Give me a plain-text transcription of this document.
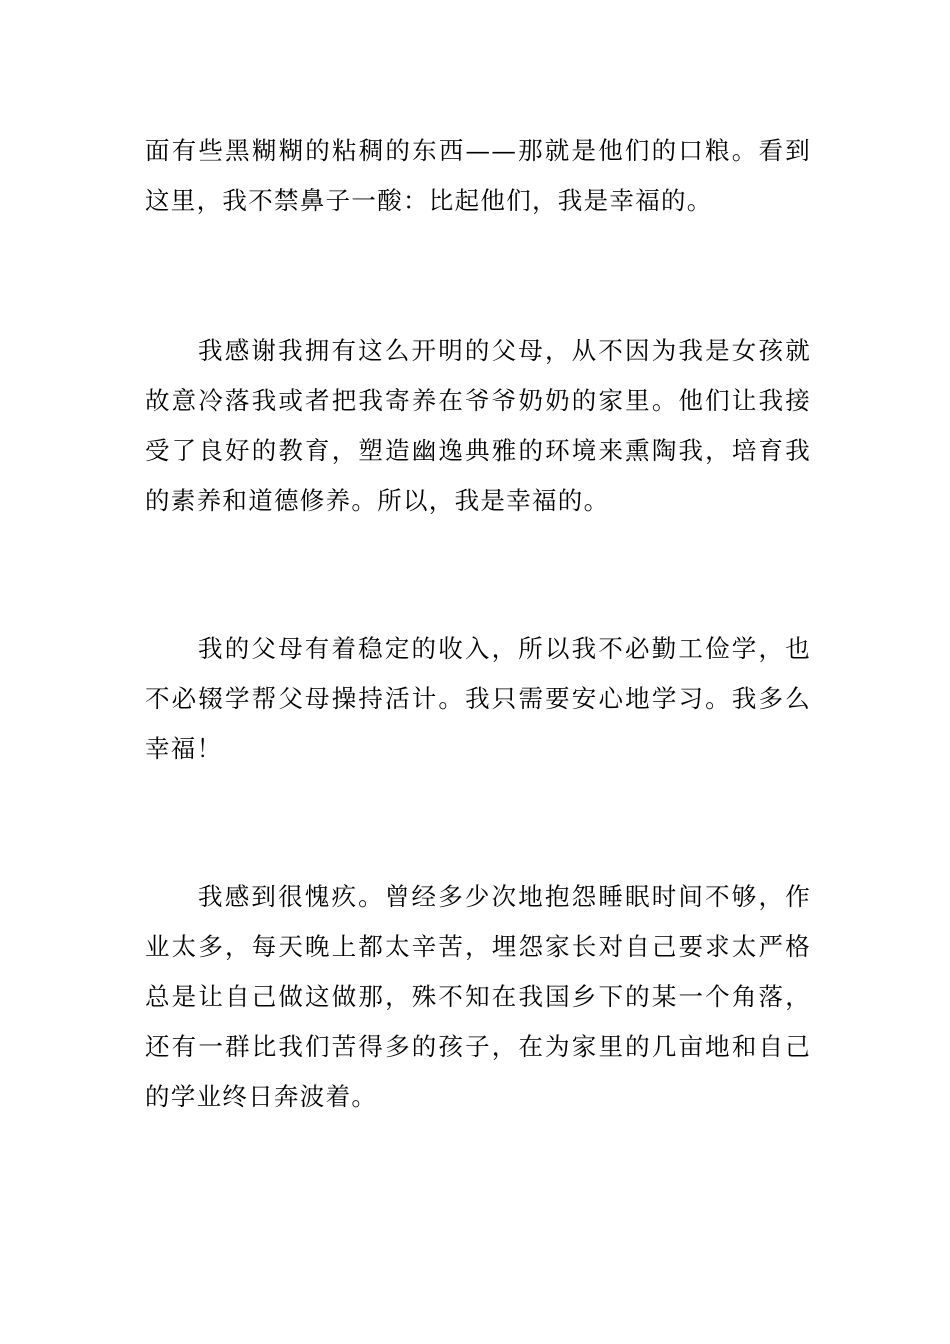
面有些黑糊糊的粘稠的东西——那就是他们的口粮。看到这里，我不禁鼻子一酸：比起他们，我是幸福的。

我感谢我拥有这么开明的父母，从不因为我是女孩就故意冷落我或者把我寄养在爷爷奶奶的家里。他们让我接受了良好的教育，塑造幽逸典雅的环境来熏陶我，培育我的素养和道德修养。所以，我是幸福的。

我的父母有着稳定的收入，所以我不必勤工俭学，也不必辍学帮父母操持活计。我只需要安心地学习。我多么幸福！

我感到很愧疚。曾经多少次地抱怨睡眠时间不够，作业太多，每天晚上都太辛苦，埋怨家长对自己要求太严格总是让自己做这做那，殊不知在我国乡下的某一个角落，还有一群比我们苦得多的孩子，在为家里的几亩地和自己的学业终日奔波着。
